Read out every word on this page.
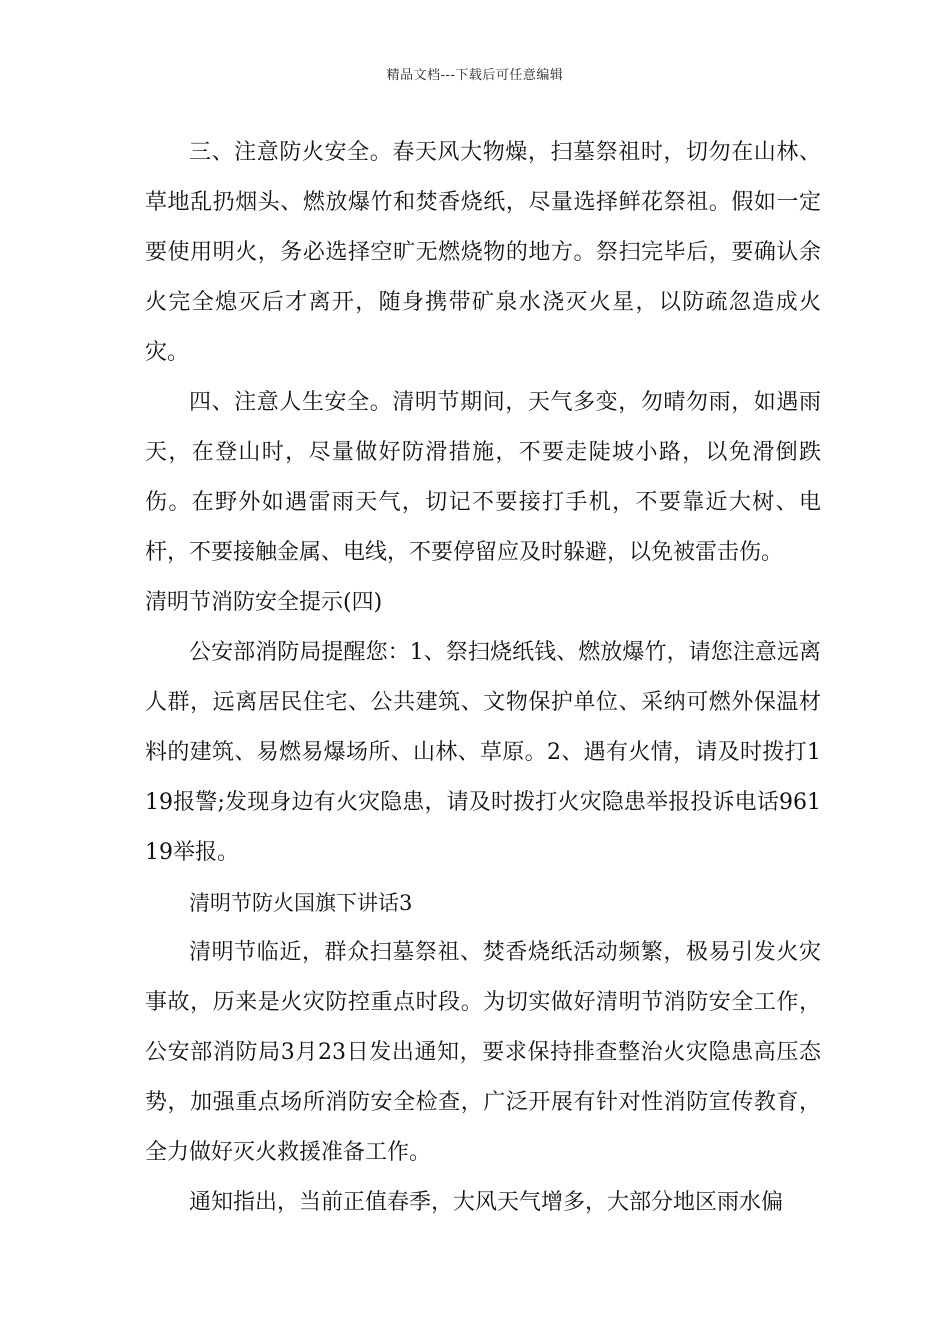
精品文档---下载后可任意编辑

三、注意防火安全。春天风大物燥，扫墓祭祖时，切勿在山林、草地乱扔烟头、燃放爆竹和焚香烧纸，尽量选择鲜花祭祖。假如一定要使用明火，务必选择空旷无燃烧物的地方。祭扫完毕后，要确认余火完全熄灭后才离开，随身携带矿泉水浇灭火星，以防疏忽造成火灾。

四、注意人生安全。清明节期间，天气多变，勿晴勿雨，如遇雨天，在登山时，尽量做好防滑措施，不要走陡坡小路，以免滑倒跌伤。在野外如遇雷雨天气，切记不要接打手机，不要靠近大树、电杆，不要接触金属、电线，不要停留应及时躲避，以免被雷击伤。

清明节消防安全提示(四)

公安部消防局提醒您：1、祭扫烧纸钱、燃放爆竹，请您注意远离人群，远离居民住宅、公共建筑、文物保护单位、采纳可燃外保温材料的建筑、易燃易爆场所、山林、草原。2、遇有火情，请及时拨打119报警;发现身边有火灾隐患，请及时拨打火灾隐患举报投诉电话96119举报。

清明节防火国旗下讲话3

清明节临近，群众扫墓祭祖、焚香烧纸活动频繁，极易引发火灾事故，历来是火灾防控重点时段。为切实做好清明节消防安全工作，公安部消防局3月23日发出通知，要求保持排查整治火灾隐患高压态势，加强重点场所消防安全检查，广泛开展有针对性消防宣传教育，全力做好灭火救援准备工作。

通知指出，当前正值春季，大风天气增多，大部分地区雨水偏
